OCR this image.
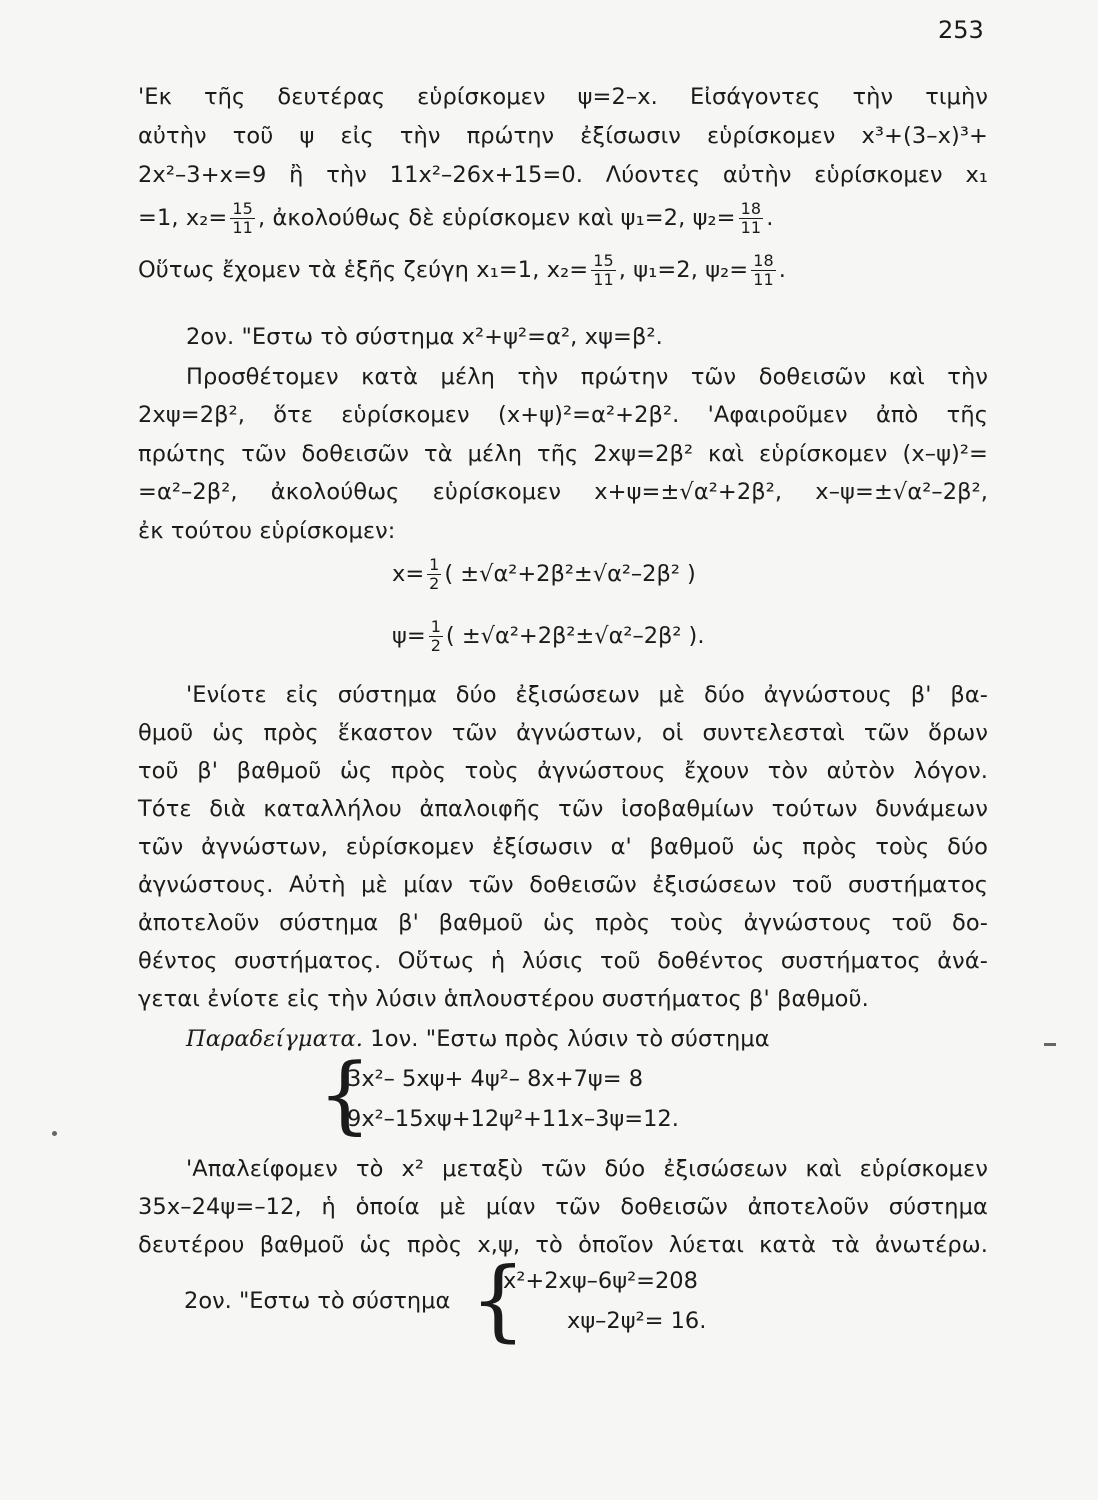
253
'Εκ τῆς δευτέρας εὑρίσκομεν ψ=2–x. Εἰσάγοντες τὴν τιμὴν
αὐτὴν τοῦ ψ εἰς τὴν πρώτην ἐξίσωσιν εὑρίσκομεν x³+(3–x)³+
2x²–3+x=9 ἢ τὴν 11x²–26x+15=0. Λύοντες αὐτὴν εὑρίσκομεν x₁
=1, $x_2= \frac{15}{11}$ , ἀκολούθως δὲ εὑρίσκομεν καὶ ψ₁=2, $\psi_2= \frac{18}{11}$ .
Οὕτως ἔχομεν τὰ ἑξῆς ζεύγη x₁=1, $x_2= \frac{15}{11}$ , ψ₁=2, $\psi_2= \frac{18}{11}$ .
2ον. "Εστω τὸ σύστημα x²+ψ²=α², xψ=β².
Προσθέτομεν κατὰ μέλη τὴν πρώτην τῶν δοθεισῶν καὶ τὴν
2xψ=2β², ὅτε εὑρίσκομεν (x+ψ)²=α²+2β². 'Αφαιροῦμεν ἀπὸ τῆς
πρώτης τῶν δοθεισῶν τὰ μέλη τῆς 2xψ=2β² καὶ εὑρίσκομεν (x–ψ)²=
=α²–2β², ἀκολούθως εὑρίσκομεν x+ψ=±√α²+2β², x–ψ=±√α²–2β²,
ἐκ τούτου εὑρίσκομεν:
$x= \frac{1}{2}$ ( ±√α²+2β²±√α²–2β² )
$\psi= \frac{1}{2}$ ( ±√α²+2β²±√α²–2β² ).
'Ενίοτε εἰς σύστημα δύο ἐξισώσεων μὲ δύο ἀγνώστους β' βα-
θμοῦ ὡς πρὸς ἕκαστον τῶν ἀγνώστων, οἱ συντελεσταὶ τῶν ὅρων
τοῦ β' βαθμοῦ ὡς πρὸς τοὺς ἀγνώστους ἔχουν τὸν αὐτὸν λόγον.
Τότε διὰ καταλλήλου ἀπαλοιφῆς τῶν ἰσοβαθμίων τούτων δυνάμεων
τῶν ἀγνώστων, εὑρίσκομεν ἐξίσωσιν α' βαθμοῦ ὡς πρὸς τοὺς δύο
ἀγνώστους. Αὐτὴ μὲ μίαν τῶν δοθεισῶν ἐξισώσεων τοῦ συστήματος
ἀποτελοῦν σύστημα β' βαθμοῦ ὡς πρὸς τοὺς ἀγνώστους τοῦ δο-
θέντος συστήματος. Οὕτως ἡ λύσις τοῦ δοθέντος συστήματος ἀνά-
γεται ἐνίοτε εἰς τὴν λύσιν ἁπλουστέρου συστήματος β' βαθμοῦ.
Παραδείγματα. 1ον. "Εστω πρὸς λύσιν τὸ σύστημα
{
3x²– 5xψ+ 4ψ²– 8x+7ψ= 8
9x²–15xψ+12ψ²+11x–3ψ=12.
'Απαλείφομεν τὸ x² μεταξὺ τῶν δύο ἐξισώσεων καὶ εὑρίσκομεν
35x–24ψ=–12, ἡ ὁποία μὲ μίαν τῶν δοθεισῶν ἀποτελοῦν σύστημα
δευτέρου βαθμοῦ ὡς πρὸς x,ψ, τὸ ὁποῖον λύεται κατὰ τὰ ἀνωτέρω.
2ον. "Εστω τὸ σύστημα {
x²+2xψ–6ψ²=208
xψ–2ψ²= 16.
